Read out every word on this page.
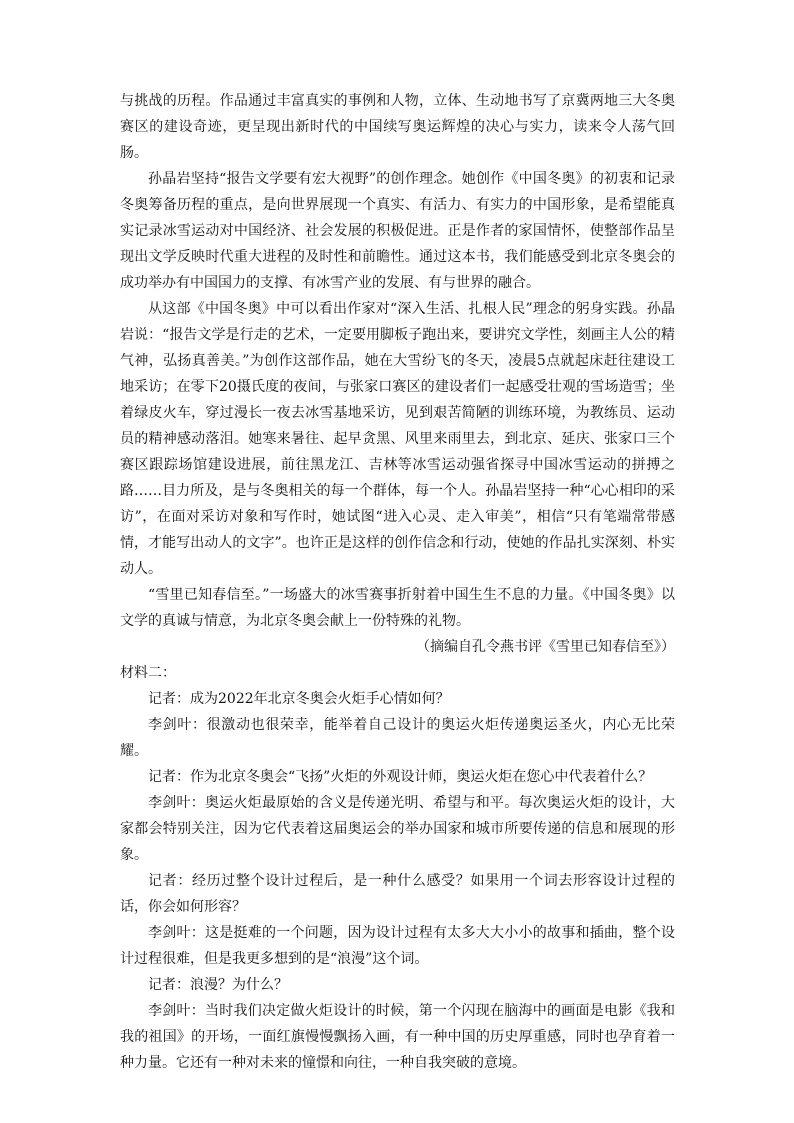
与挑战的历程。作品通过丰富真实的事例和人物，立体、生动地书写了京冀两地三大冬奥赛区的建设奇迹，更呈现出新时代的中国续写奥运辉煌的决心与实力，读来令人荡气回肠。

孙晶岩坚持“报告文学要有宏大视野”的创作理念。她创作《中国冬奥》的初衷和记录冬奥筹备历程的重点，是向世界展现一个真实、有活力、有实力的中国形象，是希望能真实记录冰雪运动对中国经济、社会发展的积极促进。正是作者的家国情怀，使整部作品呈现出文学反映时代重大进程的及时性和前瞻性。通过这本书，我们能感受到北京冬奥会的成功举办有中国国力的支撑、有冰雪产业的发展、有与世界的融合。

从这部《中国冬奥》中可以看出作家对“深入生活、扎根人民”理念的躬身实践。孙晶岩说：“报告文学是行走的艺术，一定要用脚板子跑出来，要讲究文学性，刻画主人公的精气神，弘扬真善美。”为创作这部作品，她在大雪纷飞的冬天，凌晨5点就起床赶往建设工地采访；在零下20摄氏度的夜间，与张家口赛区的建设者们一起感受壮观的雪场造雪；坐着绿皮火车，穿过漫长一夜去冰雪基地采访，见到艰苦简陋的训练环境，为教练员、运动员的精神感动落泪。她寒来暑往、起早贪黑、风里来雨里去，到北京、延庆、张家口三个赛区跟踪场馆建设进展，前往黑龙江、吉林等冰雪运动强省探寻中国冰雪运动的拼搏之路……目力所及，是与冬奥相关的每一个群体，每一个人。孙晶岩坚持一种“心心相印的采访”，在面对采访对象和写作时，她试图“进入心灵、走入审美”，相信“只有笔端常带感情，才能写出动人的文字”。也许正是这样的创作信念和行动，使她的作品扎实深刻、朴实动人。

“雪里已知春信至。”一场盛大的冰雪赛事折射着中国生生不息的力量。《中国冬奥》以文学的真诚与情意，为北京冬奥会献上一份特殊的礼物。

（摘编自孔令燕书评《雪里已知春信至》）

材料二：

记者：成为2022年北京冬奥会火炬手心情如何？

李剑叶：很激动也很荣幸，能举着自己设计的奥运火炬传递奥运圣火，内心无比荣耀。

记者：作为北京冬奥会“飞扬”火炬的外观设计师，奥运火炬在您心中代表着什么？

李剑叶：奥运火炬最原始的含义是传递光明、希望与和平。每次奥运火炬的设计，大家都会特别关注，因为它代表着这届奥运会的举办国家和城市所要传递的信息和展现的形象。

记者：经历过整个设计过程后，是一种什么感受？如果用一个词去形容设计过程的话，你会如何形容？

李剑叶：这是挺难的一个问题，因为设计过程有太多大大小小的故事和插曲，整个设计过程很难，但是我更多想到的是“浪漫”这个词。

记者：浪漫？为什么？

李剑叶：当时我们决定做火炬设计的时候，第一个闪现在脑海中的画面是电影《我和我的祖国》的开场，一面红旗慢慢飘扬入画，有一种中国的历史厚重感，同时也孕育着一种力量。它还有一种对未来的憧憬和向往，一种自我突破的意境。
